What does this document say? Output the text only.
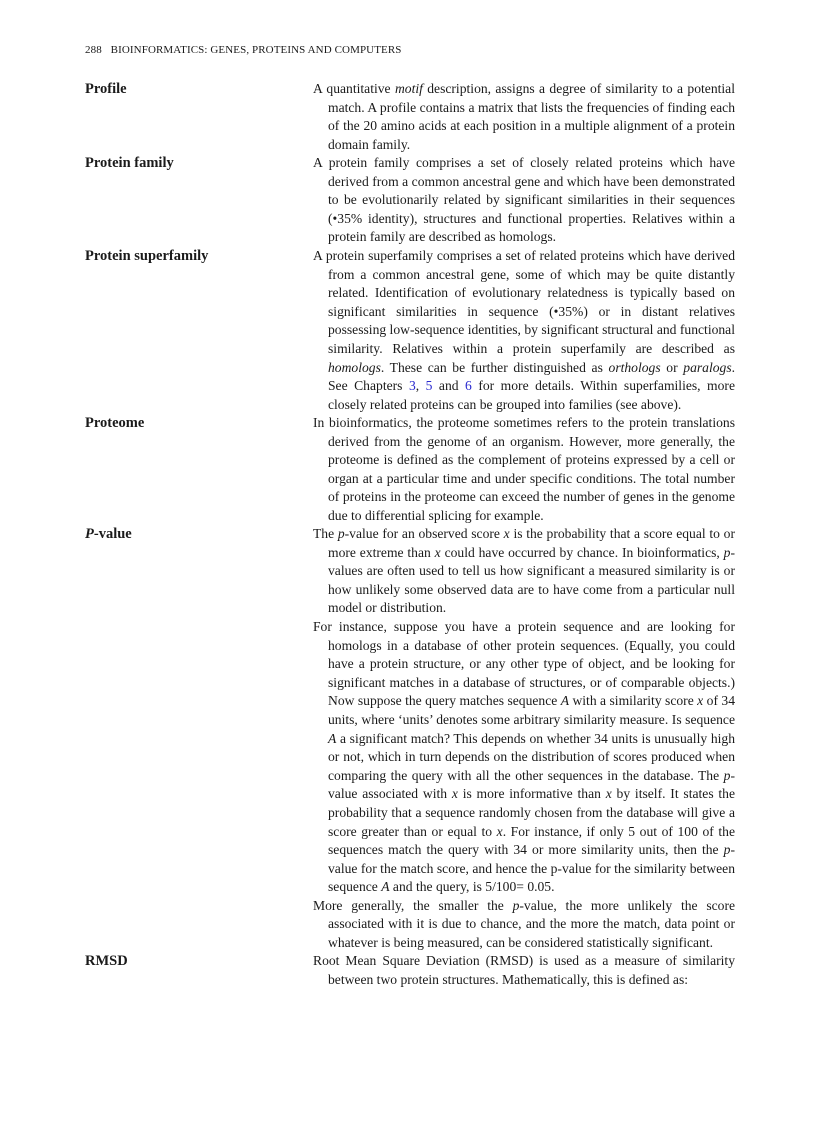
288 BIOINFORMATICS: GENES, PROTEINS AND COMPUTERS
Profile	A quantitative motif description, assigns a degree of similarity to a potential match. A profile contains a matrix that lists the frequencies of finding each of the 20 amino acids at each position in a multiple alignment of a protein domain family.

Protein family	A protein family comprises a set of closely related proteins which have derived from a common ancestral gene and which have been demonstrated to be evolutionarily related by significant similarities in their sequences (•35% identity), structures and functional properties. Relatives within a protein family are described as homologs.

Protein superfamily	A protein superfamily comprises a set of related proteins which have derived from a common ancestral gene, some of which may be quite distantly related. Identification of evolutionary relatedness is typically based on significant similarities in sequence (•35%) or in distant relatives possessing low-sequence identities, by significant structural and functional similarity. Relatives within a protein superfamily are described as homologs. These can be further distinguished as orthologs or paralogs. See Chapters 3, 5 and 6 for more details. Within superfamilies, more closely related proteins can be grouped into families (see above).

Proteome	In bioinformatics, the proteome sometimes refers to the protein translations derived from the genome of an organism. However, more generally, the proteome is defined as the complement of proteins expressed by a cell or organ at a particular time and under specific conditions. The total number of proteins in the proteome can exceed the number of genes in the genome due to differential splicing for example.

P-value	The p-value for an observed score x is the probability that a score equal to or more extreme than x could have occurred by chance. In bioinformatics, p-values are often used to tell us how significant a measured similarity is or how unlikely some observed data are to have come from a particular null model or distribution.

For instance, suppose you have a protein sequence and are looking for homologs in a database of other protein sequences. (Equally, you could have a protein structure, or any other type of object, and be looking for significant matches in a database of structures, or of comparable objects.) Now suppose the query matches sequence A with a similarity score x of 34 units, where ‘units’ denotes some arbitrary similarity measure. Is sequence A a significant match? This depends on whether 34 units is unusually high or not, which in turn depends on the distribution of scores produced when comparing the query with all the other sequences in the database. The p-value associated with x is more informative than x by itself. It states the probability that a sequence randomly chosen from the database will give a score greater than or equal to x. For instance, if only 5 out of 100 of the sequences match the query with 34 or more similarity units, then the p-value for the match score, and hence the p-value for the similarity between sequence A and the query, is 5/100= 0.05.

More generally, the smaller the p-value, the more unlikely the score associated with it is due to chance, and the more the match, data point or whatever is being measured, can be considered statistically significant.

RMSD	Root Mean Square Deviation (RMSD) is used as a measure of similarity between two protein structures. Mathematically, this is defined as:
